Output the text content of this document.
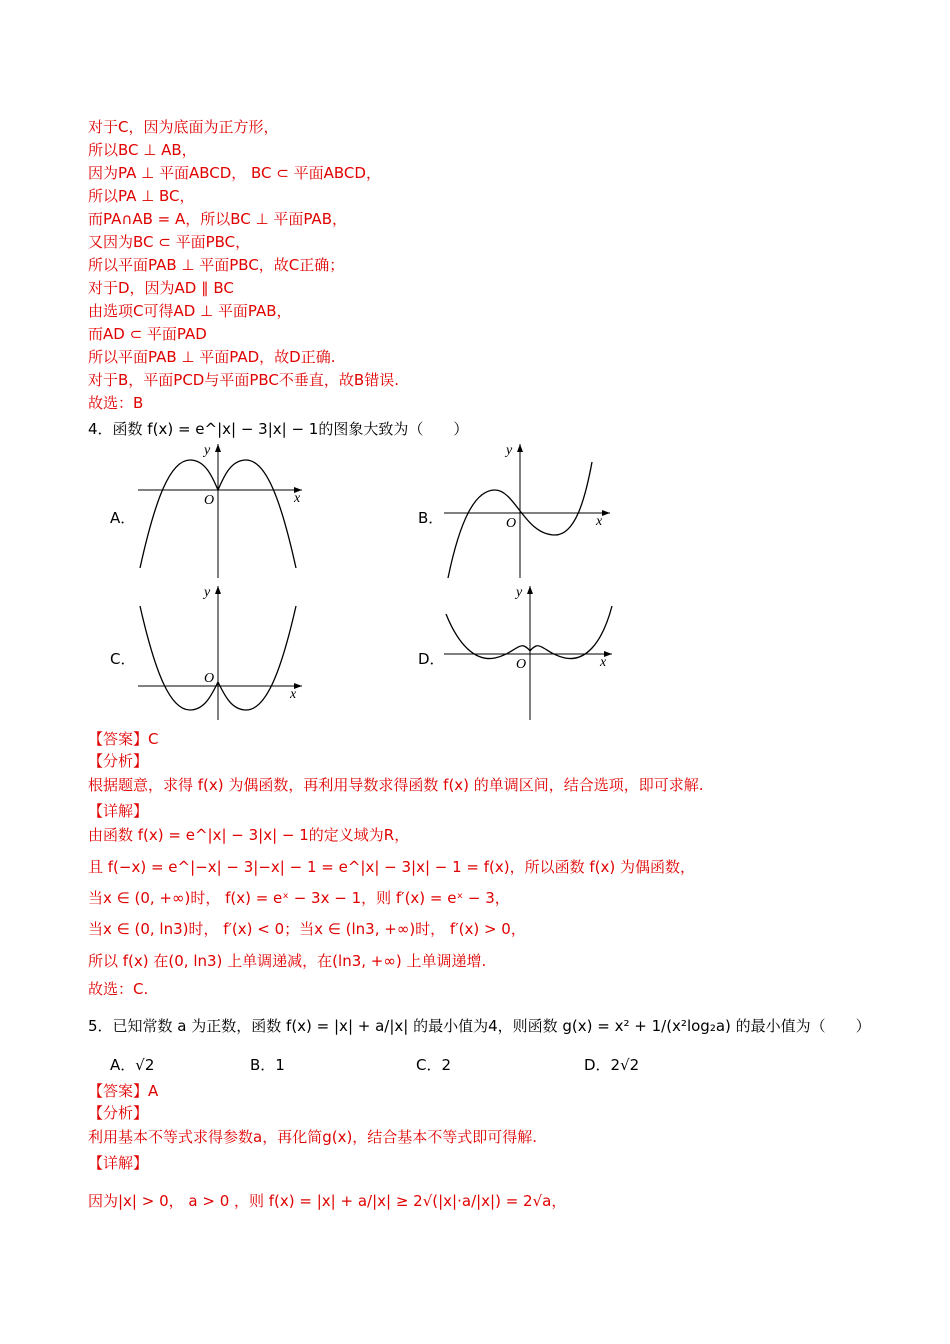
对于C，因为底面为正方形，
所以BC ⊥ AB，
因为PA ⊥ 平面ABCD， BC ⊂ 平面ABCD，
所以PA ⊥ BC，
而PA∩AB = A，所以BC ⊥ 平面PAB，
又因为BC ⊂ 平面PBC，
所以平面PAB ⊥ 平面PBC，故C正确；
对于D，因为AD ∥ BC
由选项C可得AD ⊥ 平面PAB，
而AD ⊂ 平面PAD
所以平面PAB ⊥ 平面PAD，故D正确.
对于B，平面PCD与平面PBC不垂直，故B错误.
故选：B
4．函数 f(x) = e^|x| − 3|x| − 1的图象大致为（　　）
A．	B．
C．	D．
O	x
y
O	x
y
O
x
y
O	x
y
【答案】C
【分析】
根据题意，求得 f(x) 为偶函数，再利用导数求得函数 f(x) 的单调区间，结合选项，即可求解.
【详解】
由函数 f(x) = e^|x| − 3|x| − 1的定义域为R，
且 f(−x) = e^|−x| − 3|−x| − 1 = e^|x| − 3|x| − 1 = f(x)，所以函数 f(x) 为偶函数，
当x ∈ (0, +∞)时， f(x) = eˣ − 3x − 1，则 f′(x) = eˣ − 3，
当x ∈ (0, ln3)时， f′(x) < 0；当x ∈ (ln3, +∞)时， f′(x) > 0，
所以 f(x) 在(0, ln3) 上单调递减，在(ln3, +∞) 上单调递增.
故选：C.
5．已知常数 a 为正数，函数 f(x) = |x| + a/|x| 的最小值为4，则函数 g(x) = x² + 1/(x²log₂a) 的最小值为（　　）
A．√2	B．1	C．2	D．2√2
【答案】A
【分析】
利用基本不等式求得参数a，再化简g(x)，结合基本不等式即可得解.
【详解】
因为|x| > 0， a > 0 ，则 f(x) = |x| + a/|x| ≥ 2√(|x|·a/|x|) = 2√a，
